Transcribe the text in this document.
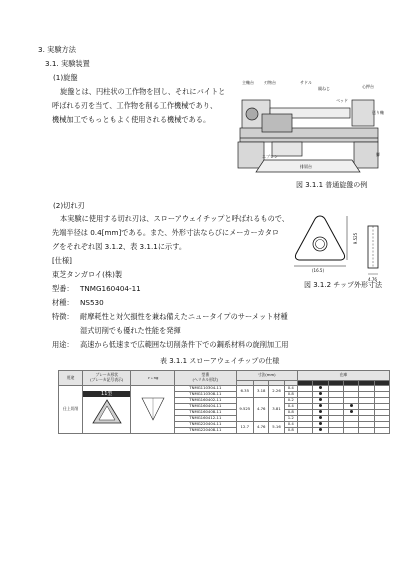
3. 実験方法
3.1. 実験装置
(1)旋盤
旋盤とは、円柱状の工作物を回し、それにバイトと
呼ばれる刃を当て、工作物を削る工作機械であり、
機械加工でもっともよく使用される機械である。
主軸台	刃物台	サドル
親ねじ	心押台
送り軸
ベッド
エプロン	脚
排屑台
図 3.1.1 普通旋盤の例
(2)切れ刃
本実験に使用する切れ刃は、スローアウェイチップと呼ばれるもので、
先端半径は 0.4[mm]である。また、外形寸法ならびにメーカーカタロ
グをそれぞれ図 3.1.2、表 3.1.1に示す。
[仕様]
東芝タンガロイ(株)製
型番： TNMG160404-11
材種： NS530
特徴： 耐摩耗性と対欠損性を兼ね備えたニュータイプのサーメット材種
湿式切削でも優れた性能を発揮
用途： 高速から低速まで広範囲な切削条件下での鋼系材料の旋削加工用
(16.5)
9.525
4.76
図 3.1.2 チップ外形寸法
表 3.1.1 スローアウェイチップの仕様
用途	ブレーカ形状
(ブレーカ記号表示)	ｒ₀ ng	型番
(ヘリカル形状)	寸法(mm)				在庫					

仕上切削	11型		TNMG110304-11	6.35	3.18	2.26	0.4						
			TNMG110308-11				0.8						
			TNMG160402-11	9.525	4.76	3.81	0.2						
			TNMG160404-11				0.4						
			TNMG160408-11				0.8						
			TNMG160412-11				1.2						
			TNMG220404-11	12.7	4.76	5.16	0.4						
			TNMG220408-11				0.8						
